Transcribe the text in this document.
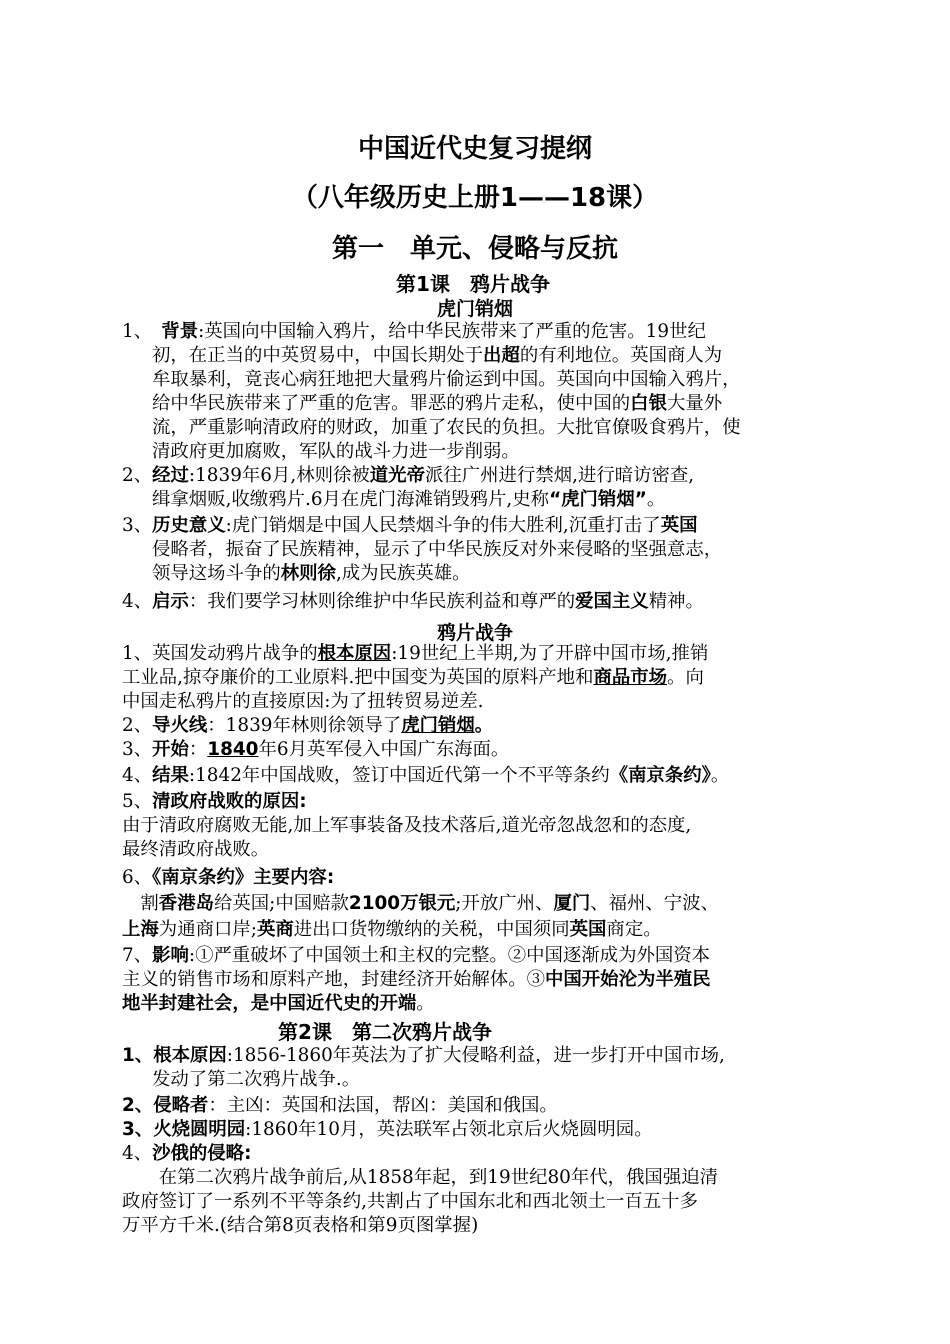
中国近代史复习提纲
（八年级历史上册1——18课）
第一　单元、侵略与反抗
第1课　鸦片战争
虎门销烟
1、　背景:英国向中国输入鸦片，给中华民族带来了严重的危害。19世纪
初，在正当的中英贸易中，中国长期处于出超的有利地位。英国商人为
牟取暴利，竟丧心病狂地把大量鸦片偷运到中国。英国向中国输入鸦片，
给中华民族带来了严重的危害。罪恶的鸦片走私，使中国的白银大量外
流，严重影响清政府的财政，加重了农民的负担。大批官僚吸食鸦片，使
清政府更加腐败，军队的战斗力进一步削弱。
2、经过:1839年6月,林则徐被道光帝派往广州进行禁烟,进行暗访密查,
缉拿烟贩,收缴鸦片.6月在虎门海滩销毁鸦片,史称“虎门销烟”。
3、历史意义:虎门销烟是中国人民禁烟斗争的伟大胜利,沉重打击了英国
侵略者，振奋了民族精神，显示了中华民族反对外来侵略的坚强意志，
领导这场斗争的林则徐,成为民族英雄。
4、启示：我们要学习林则徐维护中华民族利益和尊严的爱国主义精神。
鸦片战争
1、英国发动鸦片战争的根本原因:19世纪上半期,为了开辟中国市场,推销
工业品,掠夺廉价的工业原料.把中国变为英国的原料产地和商品市场。向
中国走私鸦片的直接原因:为了扭转贸易逆差.
2、导火线：1839年林则徐领导了虎门销烟。
3、开始：1840年6月英军侵入中国广东海面。
4、结果:1842年中国战败，签订中国近代第一个不平等条约《南京条约》。
5、清政府战败的原因:
由于清政府腐败无能,加上军事装备及技术落后,道光帝忽战忽和的态度,
最终清政府战败。
6、《南京条约》主要内容:
　割香港岛给英国;中国赔款2100万银元;开放广州、厦门、福州、宁波、
上海为通商口岸;英商进出口货物缴纳的关税，中国须同英国商定。
7、影响:①严重破坏了中国领土和主权的完整。②中国逐渐成为外国资本
主义的销售市场和原料产地，封建经济开始解体。③中国开始沦为半殖民
地半封建社会，是中国近代史的开端。
第2课　第二次鸦片战争
1、根本原因:1856-1860年英法为了扩大侵略利益，进一步打开中国市场,
发动了第二次鸦片战争.。
2、侵略者：主凶：英国和法国，帮凶：美国和俄国。
3、火烧圆明园:1860年10月，英法联军占领北京后火烧圆明园。
4、沙俄的侵略:
　　在第二次鸦片战争前后,从1858年起，到19世纪80年代，俄国强迫清
政府签订了一系列不平等条约,共割占了中国东北和西北领土一百五十多
万平方千米.(结合第8页表格和第9页图掌握)
